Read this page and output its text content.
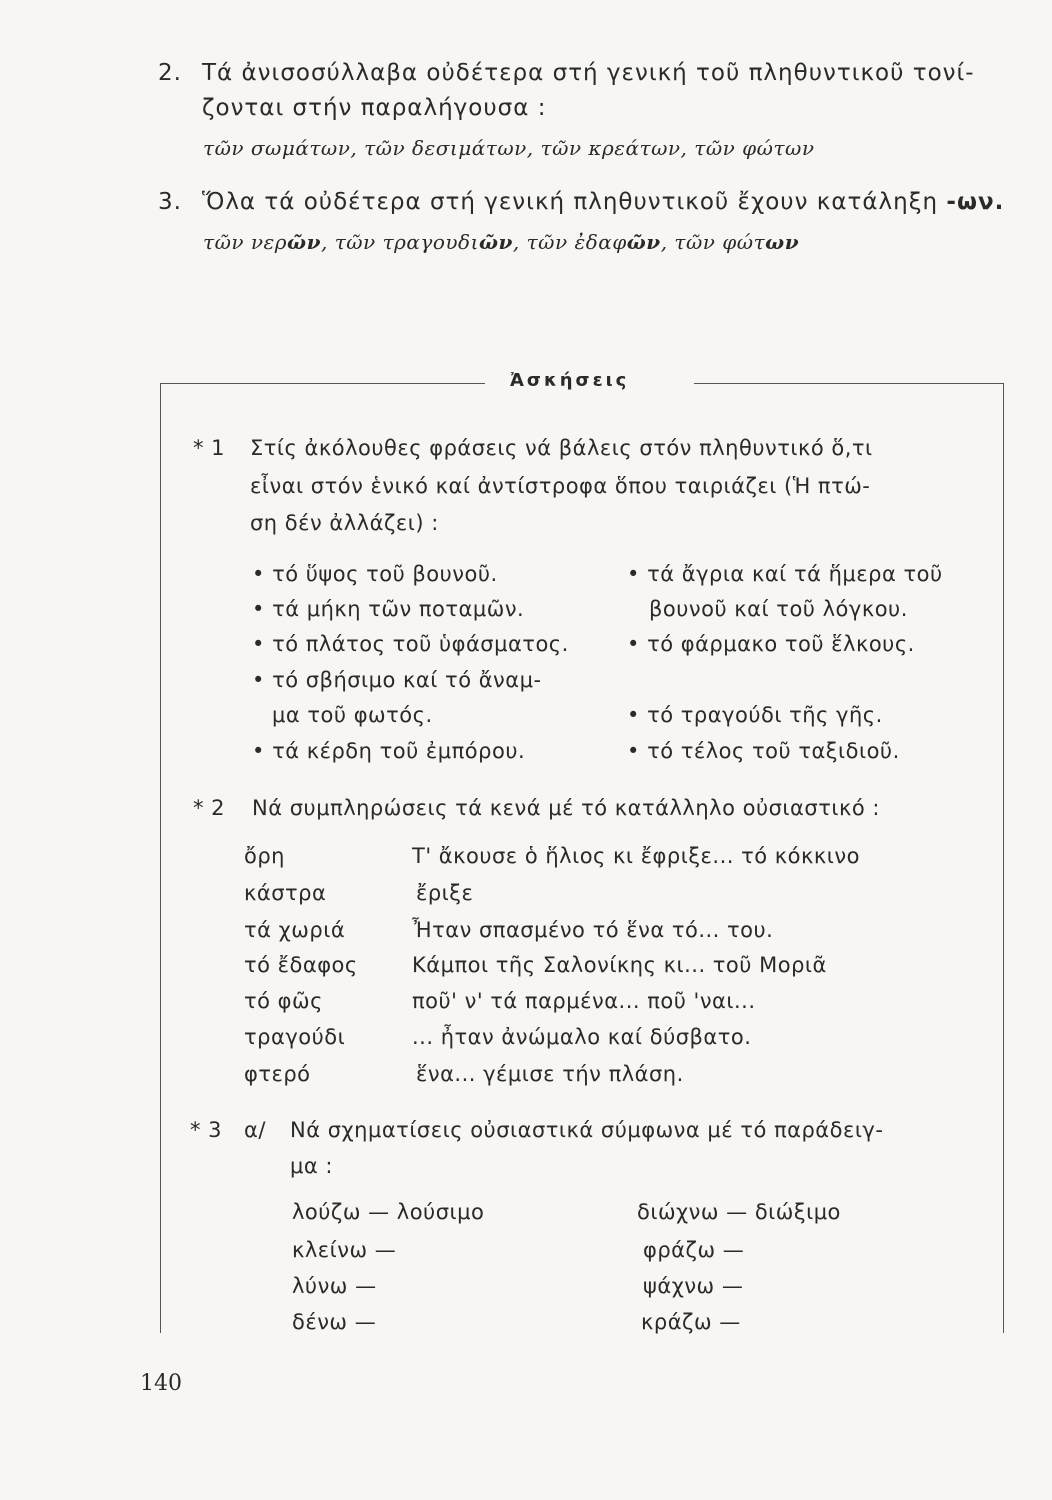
2. Τά ἀνισοσύλλαβα οὐδέτερα στή γενική τοῦ πληθυντικοῦ τονί-
ζονται στήν παραλήγουσα :
τῶν σωμάτων, τῶν δεσιμάτων, τῶν κρεάτων, τῶν φώτων
3. Ὅλα τά οὐδέτερα στή γενική πληθυντικοῦ ἔχουν κατάληξη -ων.
τῶν νερῶν, τῶν τραγουδιῶν, τῶν ἐδαφῶν, τῶν φώτων
Ἀσκήσεις
* 1 Στίς ἀκόλουθες φράσεις νά βάλεις στόν πληθυντικό ὅ,τι
εἶναι στόν ἑνικό καί ἀντίστροφα ὅπου ταιριάζει (Ἡ πτώ-
ση δέν ἀλλάζει) :
• τό ὕψος τοῦ βουνοῦ.
• τά μήκη τῶν ποταμῶν.
• τό πλάτος τοῦ ὑφάσματος.
• τό σβήσιμο καί τό ἄναμ-
μα τοῦ φωτός.
• τά κέρδη τοῦ ἐμπόρου.
• τά ἄγρια καί τά ἥμερα τοῦ
βουνοῦ καί τοῦ λόγκου.
• τό φάρμακο τοῦ ἕλκους.
• τό τραγούδι τῆς γῆς.
• τό τέλος τοῦ ταξιδιοῦ.
* 2 Νά συμπληρώσεις τά κενά μέ τό κατάλληλο οὐσιαστικό :
ὄρη
κάστρα
τά χωριά
τό ἔδαφος
τό φῶς
τραγούδι
φτερό
Τ' ἄκουσε ὁ ἥλιος κι ἔφριξε... τό κόκκινο
ἔριξε
Ἦταν σπασμένο τό ἕνα τό... του.
Κάμποι τῆς Σαλονίκης κι... τοῦ Μοριᾶ
ποῦ' ν' τά παρμένα... ποῦ 'ναι...
... ἦταν ἀνώμαλο καί δύσβατο.
ἕνα... γέμισε τήν πλάση.
* 3 α/ Νά σχηματίσεις οὐσιαστικά σύμφωνα μέ τό παράδειγ-
μα :
λούζω — λούσιμο
κλείνω —
λύνω —
δένω —
διώχνω — διώξιμο
φράζω —
ψάχνω —
κράζω —
140
